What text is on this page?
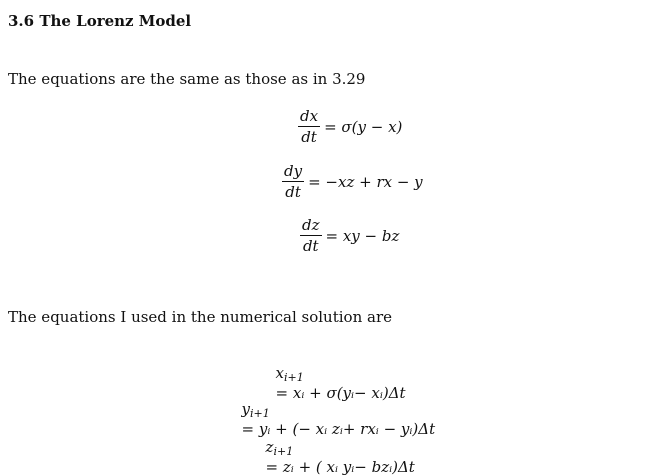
3.6 The Lorenz Model
The equations are the same as those as in 3.29
$\frac{dx}{dt} = \sigma(y - x)$
$\frac{dy}{dt} = -xz$ + rx − y
$\frac{dz}{dt}$ = xy − bz
The equations I used in the numerical solution are

$x_{i+1}$
= xᵢ + σ(yᵢ− xᵢ)Δt

$y_{i+1}$
= yᵢ + (− xᵢ zᵢ+ rxᵢ − yᵢ)Δt

$z_{i+1}$
= zᵢ + ( xᵢ yᵢ− bzᵢ)Δt
